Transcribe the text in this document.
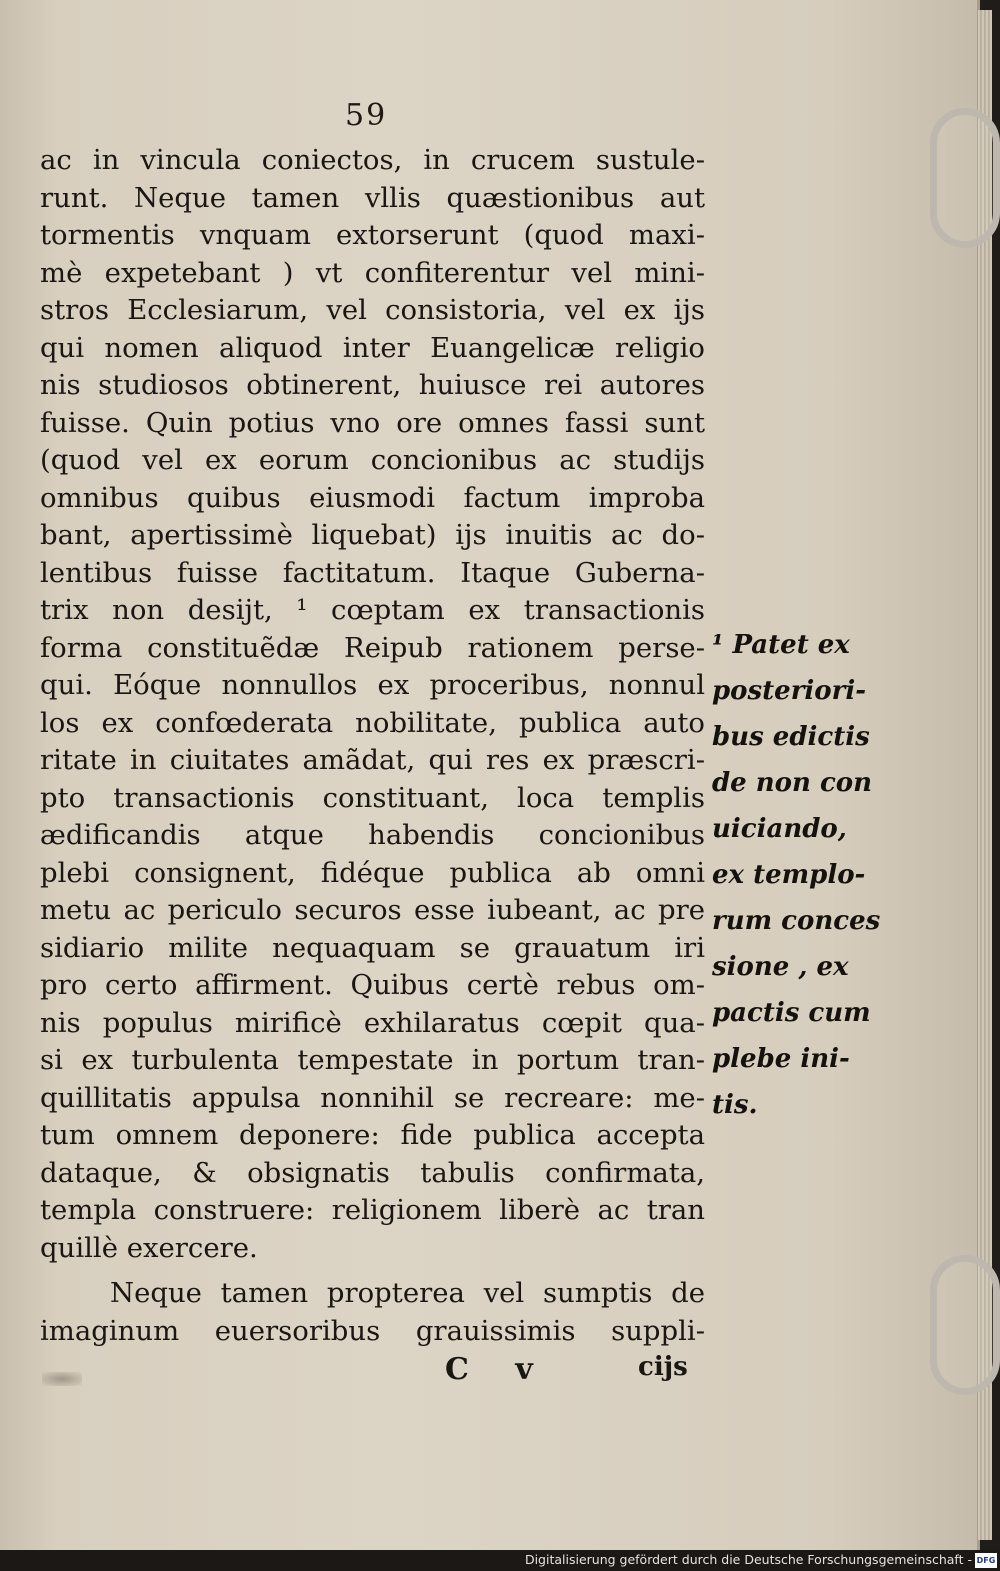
59
ac in vincula coniectos, in crucem sustule-
runt. Neque tamen vllis quæstionibus aut
tormentis vnquam extorserunt (quod maxi-
mè expetebant ) vt confiterentur vel mini-
stros Ecclesiarum, vel consistoria, vel ex ijs
qui nomen aliquod inter Euangelicæ religio
nis studiosos obtinerent, huiusce rei autores
fuisse. Quin potius vno ore omnes fassi sunt
(quod vel ex eorum concionibus ac studijs
omnibus quibus eiusmodi factum improba
bant, apertissimè liquebat) ijs inuitis ac do-
lentibus fuisse factitatum. Itaque Guberna-
trix non desijt, ¹ cœptam ex transactionis
forma constituẽdæ Reipub rationem perse-
qui. Eóque nonnullos ex proceribus, nonnul
los ex confœderata nobilitate, publica auto
ritate in ciuitates amãdat, qui res ex præscri-
pto transactionis constituant, loca templis
ædificandis atque habendis concionibus
plebi consignent, fidéque publica ab omni
metu ac periculo securos esse iubeant, ac pre
sidiario milite nequaquam se grauatum iri
pro certo affirment. Quibus certè rebus om-
nis populus mirificè exhilaratus cœpit qua-
si ex turbulenta tempestate in portum tran-
quillitatis appulsa nonnihil se recreare: me-
tum omnem deponere: fide publica accepta
dataque, & obsignatis tabulis confirmata,
templa construere: religionem liberè ac tran
quillè exercere.
Neque tamen propterea vel sumptis de
imaginum euersoribus grauissimis suppli-
¹ Patet ex
posteriori-
bus edictis
de non con
uiciando,
ex templo-
rum conces
sione , ex
pactis cum
plebe ini-
tis.
C v	cijs
Digitalisierung gefördert durch die Deutsche Forschungsgemeinschaft - DFG
